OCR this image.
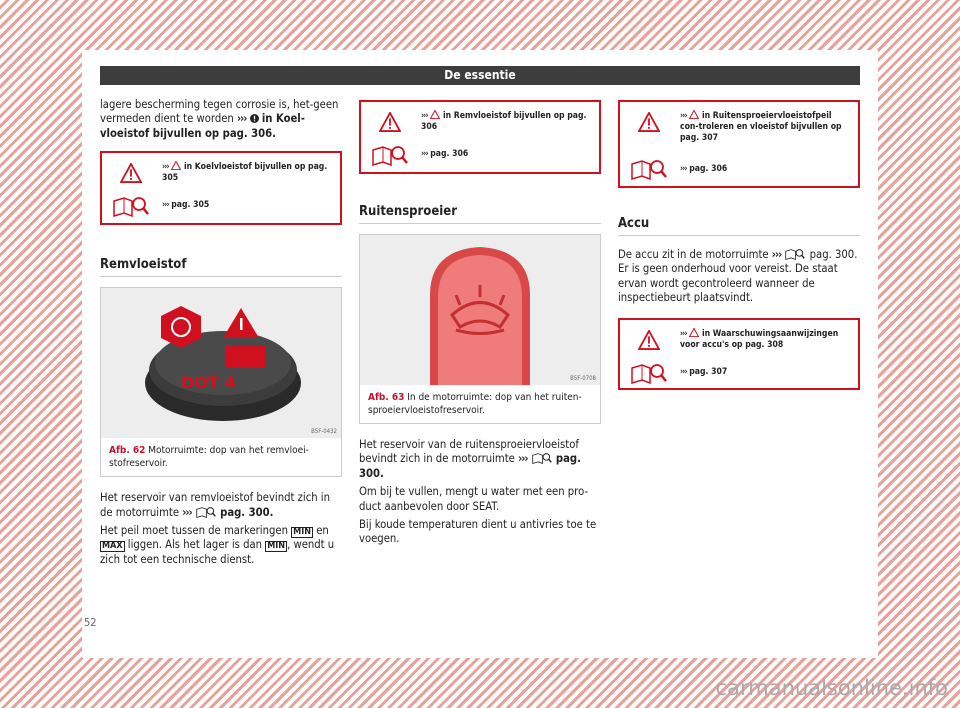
De essentie

lagere bescherming tegen corrosie is, het-geen vermeden dient te worden ››› in Koel-vloeistof bijvullen op pag. 306.

››› in Koelvloeistof bijvullen op pag. 305
››› pag. 305
Remvloeistof
DOT 4
B5F-0432
Afb. 62 Motorruimte: dop van het remvloei-stofreservoir.

Het reservoir van remvloeistof bevindt zich in de motorruimte ›››	pag. 300.

Het peil moet tussen de markeringen MIN en MAX liggen. Als het lager is dan MIN , wendt u zich tot een technische dienst.

››› in Remvloeistof bijvullen op pag. 306
››› pag. 306
Ruitensproeier
B5F-0708
Afb. 63 In de motorruimte: dop van het ruiten-sproeiervloeistofreservoir.

Het reservoir van de ruitensproeiervloeistof bevindt zich in de motorruimte ›››	pag. 300.

Om bij te vullen, mengt u water met een pro-duct aanbevolen door SEAT.

Bij koude temperaturen dient u antivries toe te voegen.

››› in Ruitensproeiervloeistofpeil con-troleren en vloeistof bijvullen op pag. 307
››› pag. 306
Accu

De accu zit in de motorruimte ›››	pag. 300. Er is geen onderhoud voor vereist. De staat ervan wordt gecontroleerd wanneer de inspectiebeurt plaatsvindt.

››› in Waarschuwingsaanwijzingen voor accu's op pag. 308
››› pag. 307
52
carmanualsonline.info
